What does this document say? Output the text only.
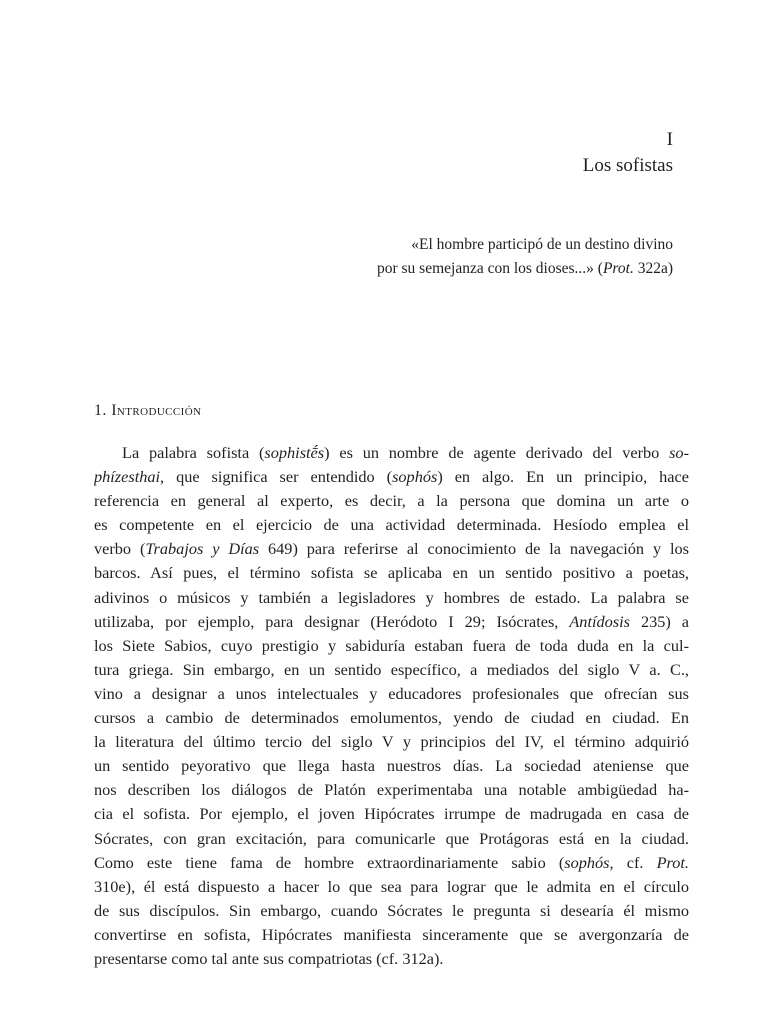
I
Los sofistas
«El hombre participó de un destino divino
por su semejanza con los dioses...» (Prot. 322a)
1. Introducción
La palabra sofista (sophistḗs) es un nombre de agente derivado del verbo so-
phízesthai, que significa ser entendido (sophós) en algo. En un principio, hace
referencia en general al experto, es decir, a la persona que domina un arte o
es competente en el ejercicio de una actividad determinada. Hesíodo emplea el
verbo (Trabajos y Días 649) para referirse al conocimiento de la navegación y los
barcos. Así pues, el término sofista se aplicaba en un sentido positivo a poetas,
adivinos o músicos y también a legisladores y hombres de estado. La palabra se
utilizaba, por ejemplo, para designar (Heródoto I 29; Isócrates, Antídosis 235) a
los Siete Sabios, cuyo prestigio y sabiduría estaban fuera de toda duda en la cul-
tura griega. Sin embargo, en un sentido específico, a mediados del siglo V a. C.,
vino a designar a unos intelectuales y educadores profesionales que ofrecían sus
cursos a cambio de determinados emolumentos, yendo de ciudad en ciudad. En
la literatura del último tercio del siglo V y principios del IV, el término adquirió
un sentido peyorativo que llega hasta nuestros días. La sociedad ateniense que
nos describen los diálogos de Platón experimentaba una notable ambigüedad ha-
cia el sofista. Por ejemplo, el joven Hipócrates irrumpe de madrugada en casa de
Sócrates, con gran excitación, para comunicarle que Protágoras está en la ciudad.
Como este tiene fama de hombre extraordinariamente sabio (sophós, cf. Prot.
310e), él está dispuesto a hacer lo que sea para lograr que le admita en el círculo
de sus discípulos. Sin embargo, cuando Sócrates le pregunta si desearía él mismo
convertirse en sofista, Hipócrates manifiesta sinceramente que se avergonzaría de
presentarse como tal ante sus compatriotas (cf. 312a).
